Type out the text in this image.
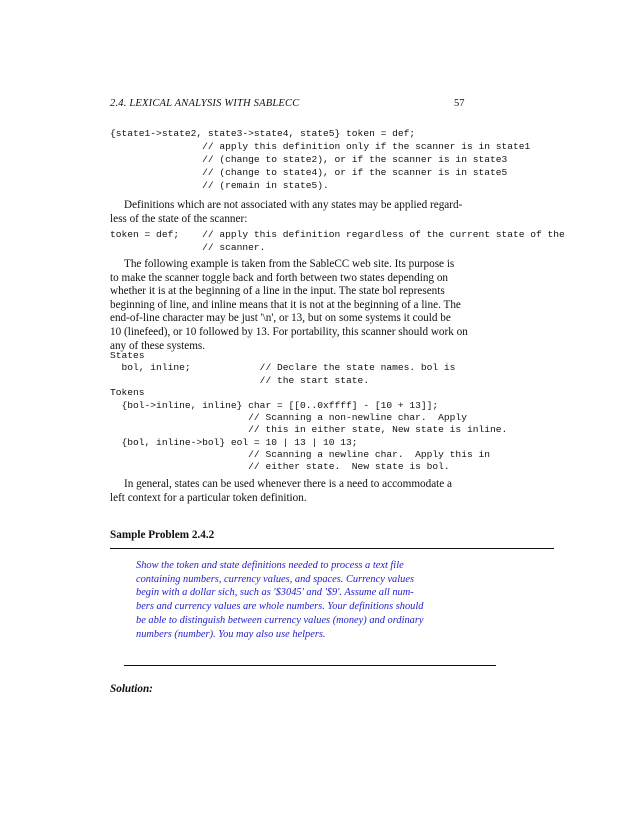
2.4. LEXICAL ANALYSIS WITH SABLECC	57

{state1->state2, state3->state4, state5} token = def;

// apply this definition only if the scanner is in state1

// (change to state2), or if the scanner is in state3

// (change to state4), or if the scanner is in state5

// (remain in state5).

Definitions which are not associated with any states may be applied regard-
less of the state of the scanner:

token = def;    // apply this definition regardless of the current state of the

// scanner.

The following example is taken from the SableCC web site. Its purpose is
to make the scanner toggle back and forth between two states depending on
whether it is at the beginning of a line in the input. The state bol represents
beginning of line, and inline means that it is not at the beginning of a line. The
end-of-line character may be just '\n', or 13, but on some systems it could be
10 (linefeed), or 10 followed by 13. For portability, this scanner should work on
any of these systems.

States

bol, inline;            // Declare the state names. bol is

// the start state.

Tokens

{bol->inline, inline} char = [[0..0xffff] - [10 + 13]];

// Scanning a non-newline char.  Apply

// this in either state, New state is inline.

{bol, inline->bol} eol = 10 | 13 | 10 13;

// Scanning a newline char.  Apply this in

// either state.  New state is bol.

In general, states can be used whenever there is a need to accommodate a
left context for a particular token definition.

Sample Problem 2.4.2

Show the token and state definitions needed to process a text file
containing numbers, currency values, and spaces. Currency values
begin with a dollar sich, such as '$3045' and '$9'. Assume all num-
bers and currency values are whole numbers. Your definitions should
be able to distinguish between currency values (money) and ordinary
numbers (number). You may also use helpers.

Solution:
